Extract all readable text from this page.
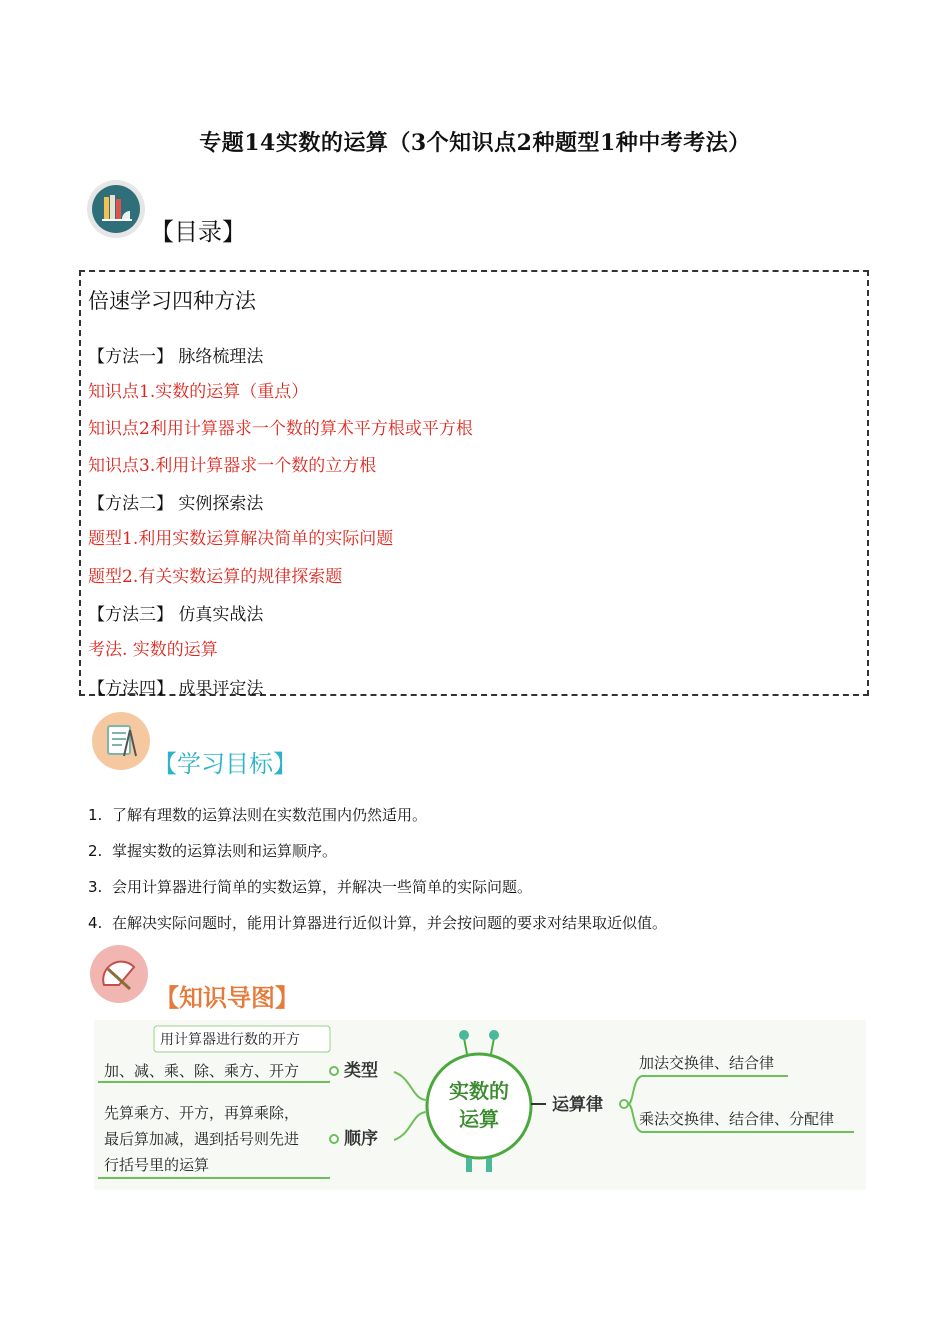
专题14实数的运算（3个知识点2种题型1种中考考法）
【目录】
倍速学习四种方法
【方法一】 脉络梳理法
知识点1.实数的运算（重点）
知识点2利用计算器求一个数的算术平方根或平方根
知识点3.利用计算器求一个数的立方根
【方法二】 实例探索法
题型1.利用实数运算解决简单的实际问题
题型2.有关实数运算的规律探索题
【方法三】 仿真实战法
考法. 实数的运算
【方法四】 成果评定法
【学习目标】
1. 了解有理数的运算法则在实数范围内仍然适用。
2. 掌握实数的运算法则和运算顺序。
3. 会用计算器进行简单的实数运算，并解决一些简单的实际问题。
4. 在解决实际问题时，能用计算器进行近似计算，并会按问题的要求对结果取近似值。
【知识导图】
实数的
运算
类型
用计算器进行数的开方
加、减、乘、除、乘方、开方
顺序
先算乘方、开方，再算乘除，
最后算加减，遇到括号则先进
行括号里的运算
运算律
加法交换律、结合律
乘法交换律、结合律、分配律
